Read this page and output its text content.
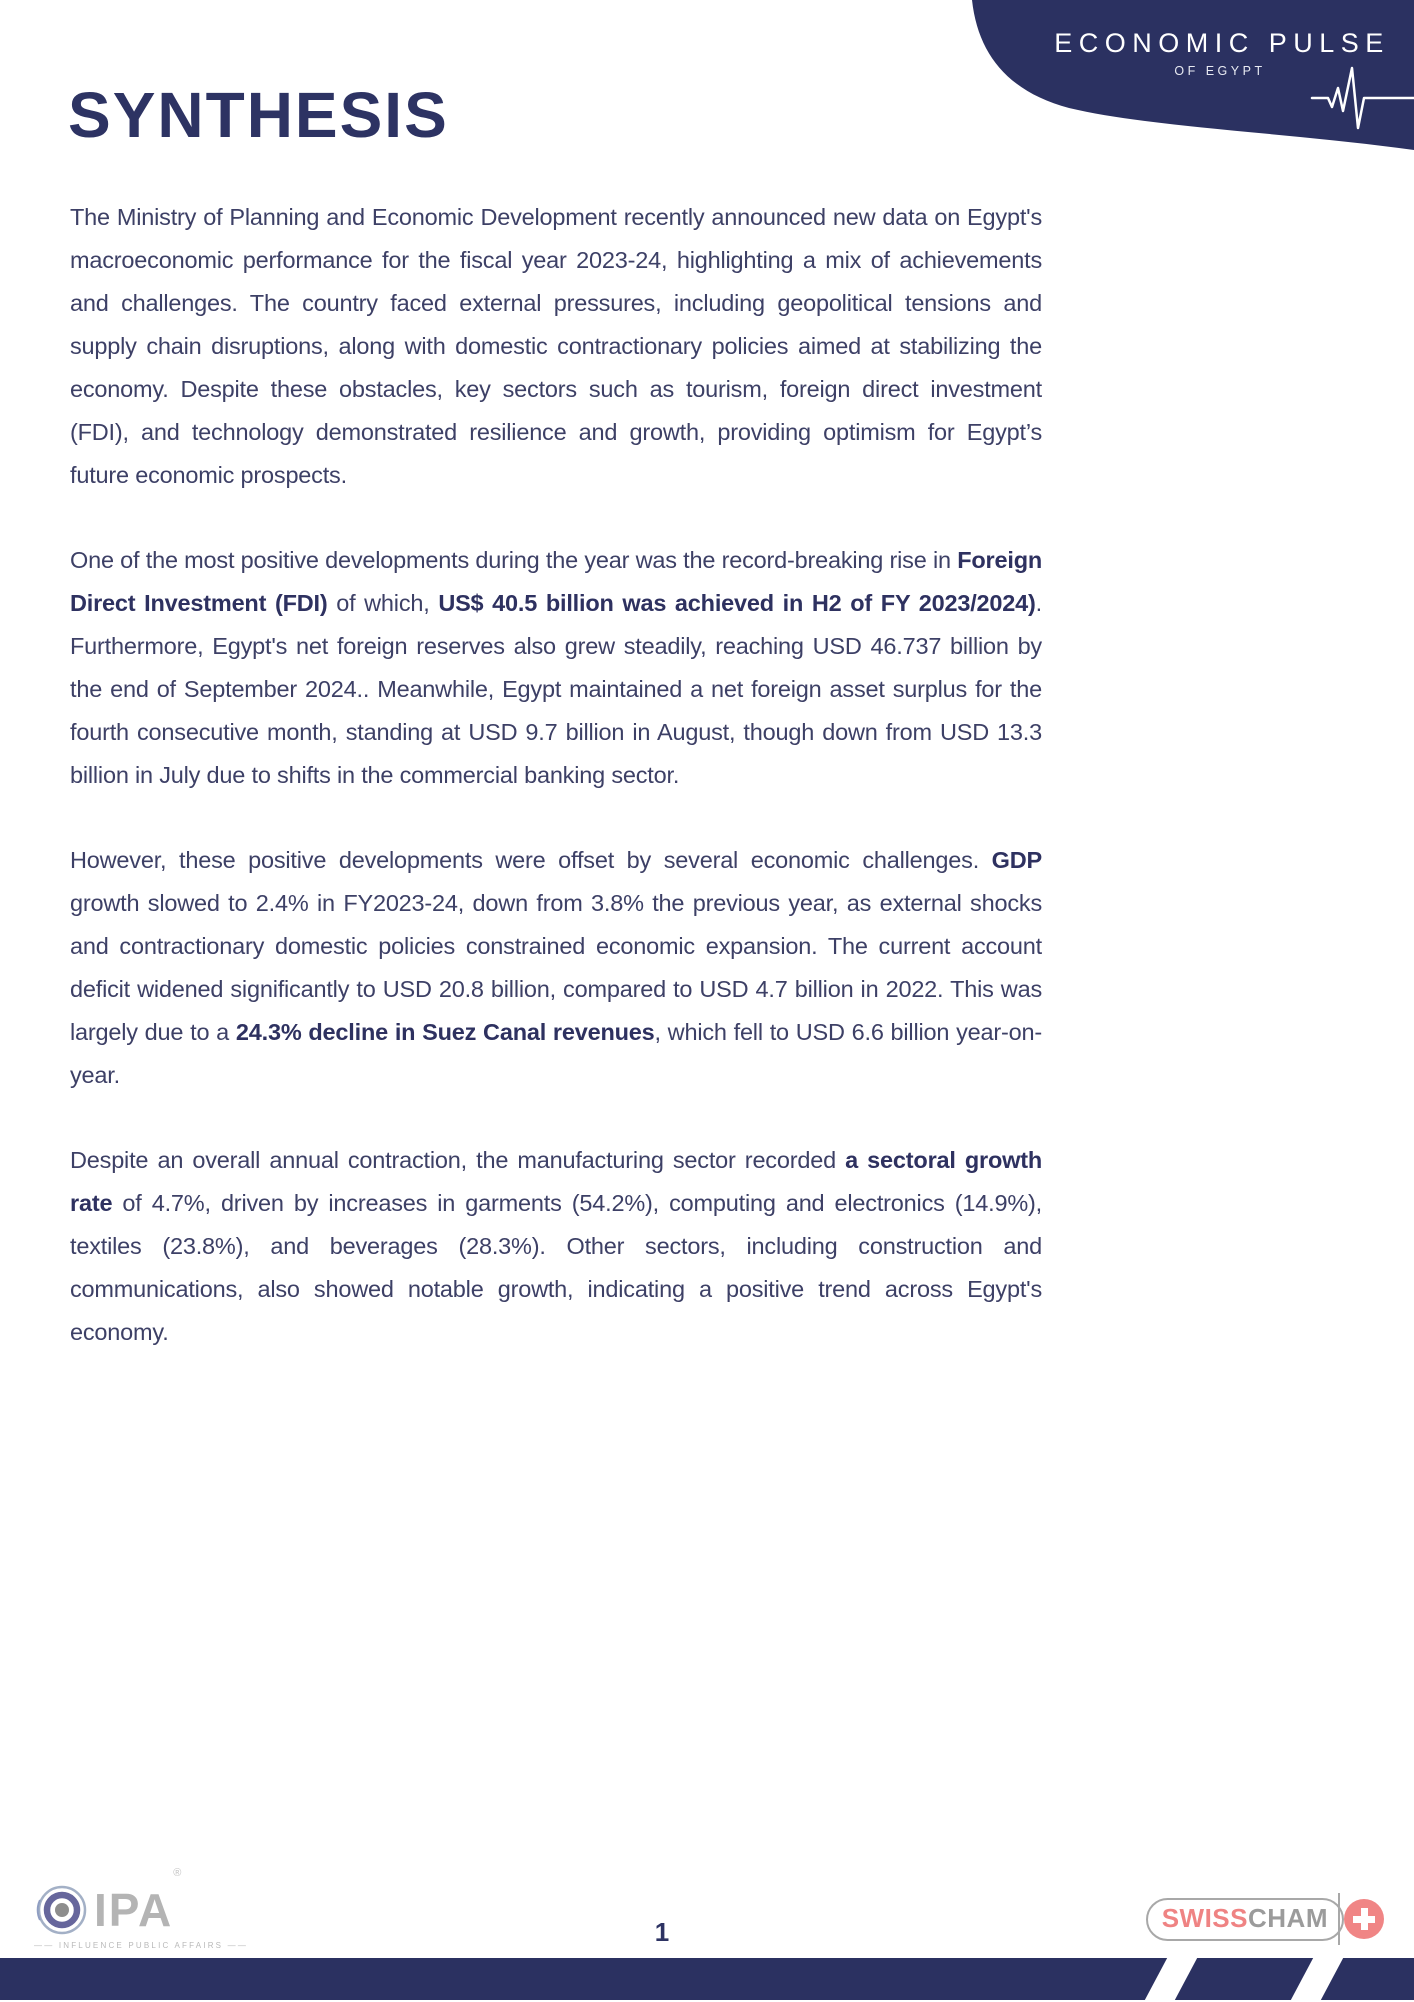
ECONOMIC PULSE
OF EGYPT
SYNTHESIS

The Ministry of Planning and Economic Development recently announced new data on Egypt's macroeconomic performance for the fiscal year 2023-24, highlighting a mix of achievements and challenges. The country faced external pressures, including geopolitical tensions and supply chain disruptions, along with domestic contractionary policies aimed at stabilizing the economy. Despite these obstacles, key sectors such as tourism, foreign direct investment (FDI), and technology demonstrated resilience and growth, providing optimism for Egypt’s future economic prospects.

One of the most positive developments during the year was the record-breaking rise in Foreign Direct Investment (FDI) of which, US$ 40.5 billion was achieved in H2 of FY 2023/2024). Furthermore, Egypt's net foreign reserves also grew steadily, reaching USD 46.737 billion by the end of September 2024.. Meanwhile, Egypt maintained a net foreign asset surplus for the fourth consecutive month, standing at USD 9.7 billion in August, though down from USD 13.3 billion in July due to shifts in the commercial banking sector.

However, these positive developments were offset by several economic challenges. GDP growth slowed to 2.4% in FY2023-24, down from 3.8% the previous year, as external shocks and contractionary domestic policies constrained economic expansion. The current account deficit widened significantly to USD 20.8 billion, compared to USD 4.7 billion in 2022. This was largely due to a 24.3% decline in Suez Canal revenues, which fell to USD 6.6 billion year-on-year.

Despite an overall annual contraction, the manufacturing sector recorded a sectoral growth rate of 4.7%, driven by increases in garments (54.2%), computing and electronics (14.9%), textiles (23.8%), and beverages (28.3%). Other sectors, including construction and communications, also showed notable growth, indicating a positive trend across Egypt's economy.

IPA®
—— INFLUENCE PUBLIC AFFAIRS ——	1	SWISSCHAM
